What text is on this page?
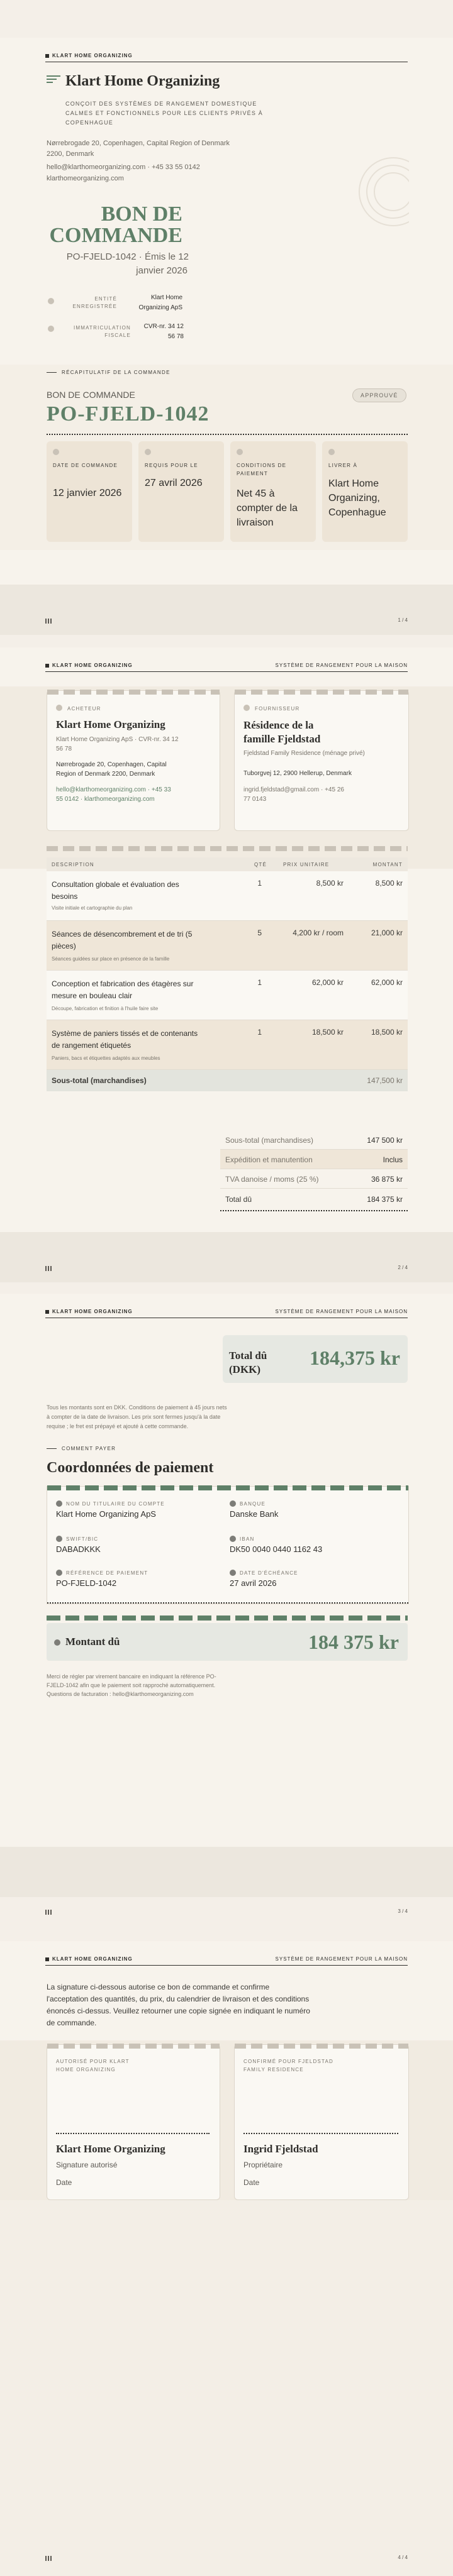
KLART HOME ORGANIZING
Klart Home Organizing
CONÇOIT DES SYSTÈMES DE RANGEMENT DOMESTIQUE CALMES ET FONCTIONNELS POUR LES CLIENTS PRIVÉS À COPENHAGUE
Nørrebrogade 20, Copenhagen, Capital Region of Denmark 2200, Denmark
hello@klarthomeorganizing.com · +45 33 55 0142
klarthomeorganizing.com
BON DE
COMMANDE
PO-FJELD-1042 · Émis le 12
janvier 2026
ENTITÉ
ENREGISTRÉE
Klart Home
Organizing ApS
IMMATRICULATION
FISCALE
CVR-nr. 34 12
56 78
RÉCAPITULATIF DE LA COMMANDE
BON DE COMMANDE
PO-FJELD-1042
APPROUVÉ
DATE DE COMMANDE
12 janvier 2026
REQUIS POUR LE
27 avril 2026
CONDITIONS DE PAIEMENT
Net 45 à compter de la livraison
LIVRER À
Klart Home Organizing, Copenhague
1 / 4
KLART HOME ORGANIZING	SYSTÈME DE RANGEMENT POUR LA MAISON
ACHETEUR
Klart Home Organizing
Klart Home Organizing ApS · CVR-nr. 34 12
56 78
Nørrebrogade 20, Copenhagen, Capital
Region of Denmark 2200, Denmark
hello@klarthomeorganizing.com · +45 33
55 0142 · klarthomeorganizing.com
FOURNISSEUR
Résidence de la
famille Fjeldstad
Fjeldstad Family Residence (ménage privé)
Tuborgvej 12, 2900 Hellerup, Denmark
ingrid.fjeldstad@gmail.com · +45 26
77 0143
DESCRIPTION	QTÉ	PRIX UNITAIRE	MONTANT
Consultation globale et évaluation des besoins
Visite initiale et cartographie du plan
1	8,500 kr	8,500 kr
Séances de désencombrement et de tri (5 pièces)
Séances guidées sur place en présence de la famille
5	4,200 kr / room	21,000 kr
Conception et fabrication des étagères sur mesure en bouleau clair
Découpe, fabrication et finition à l'huile faire site
1	62,000 kr	62,000 kr
Système de paniers tissés et de contenants de rangement étiquetés
Paniers, bacs et étiquettes adaptés aux meubles
1	18,500 kr	18,500 kr
Sous-total (marchandises)	147,500 kr
Sous-total (marchandises)	147 500 kr
Expédition et manutention	Inclus
TVA danoise / moms (25 %)	36 875 kr
Total dû	184 375 kr
2 / 4
KLART HOME ORGANIZING	SYSTÈME DE RANGEMENT POUR LA MAISON
Total dû
(DKK)
184,375 kr
Tous les montants sont en DKK. Conditions de paiement à 45 jours nets à compter de la date de livraison. Les prix sont fermes jusqu'à la date requise ; le fret est prépayé et ajouté à cette commande.
COMMENT PAYER
Coordonnées de paiement
NOM DU TITULAIRE DU COMPTE
Klart Home Organizing ApS
BANQUE
Danske Bank
SWIFT/BIC
DABADKKK
IBAN
DK50 0040 0440 1162 43
RÉFÉRENCE DE PAIEMENT
PO-FJELD-1042
DATE D'ÉCHÉANCE
27 avril 2026
Montant dû	184 375 kr
Merci de régler par virement bancaire en indiquant la référence PO-FJELD-1042 afin que le paiement soit rapproché automatiquement. Questions de facturation : hello@klarthomeorganizing.com
3 / 4
KLART HOME ORGANIZING	SYSTÈME DE RANGEMENT POUR LA MAISON
La signature ci-dessous autorise ce bon de commande et confirme l'acceptation des quantités, du prix, du calendrier de livraison et des conditions énoncés ci-dessus. Veuillez retourner une copie signée en indiquant le numéro de commande.
AUTORISÉ POUR KLART
HOME ORGANIZING
Klart Home Organizing
Signature autorisé
Date
CONFIRMÉ POUR FJELDSTAD
FAMILY RESIDENCE
Ingrid Fjeldstad
Propriétaire
Date
4 / 4
